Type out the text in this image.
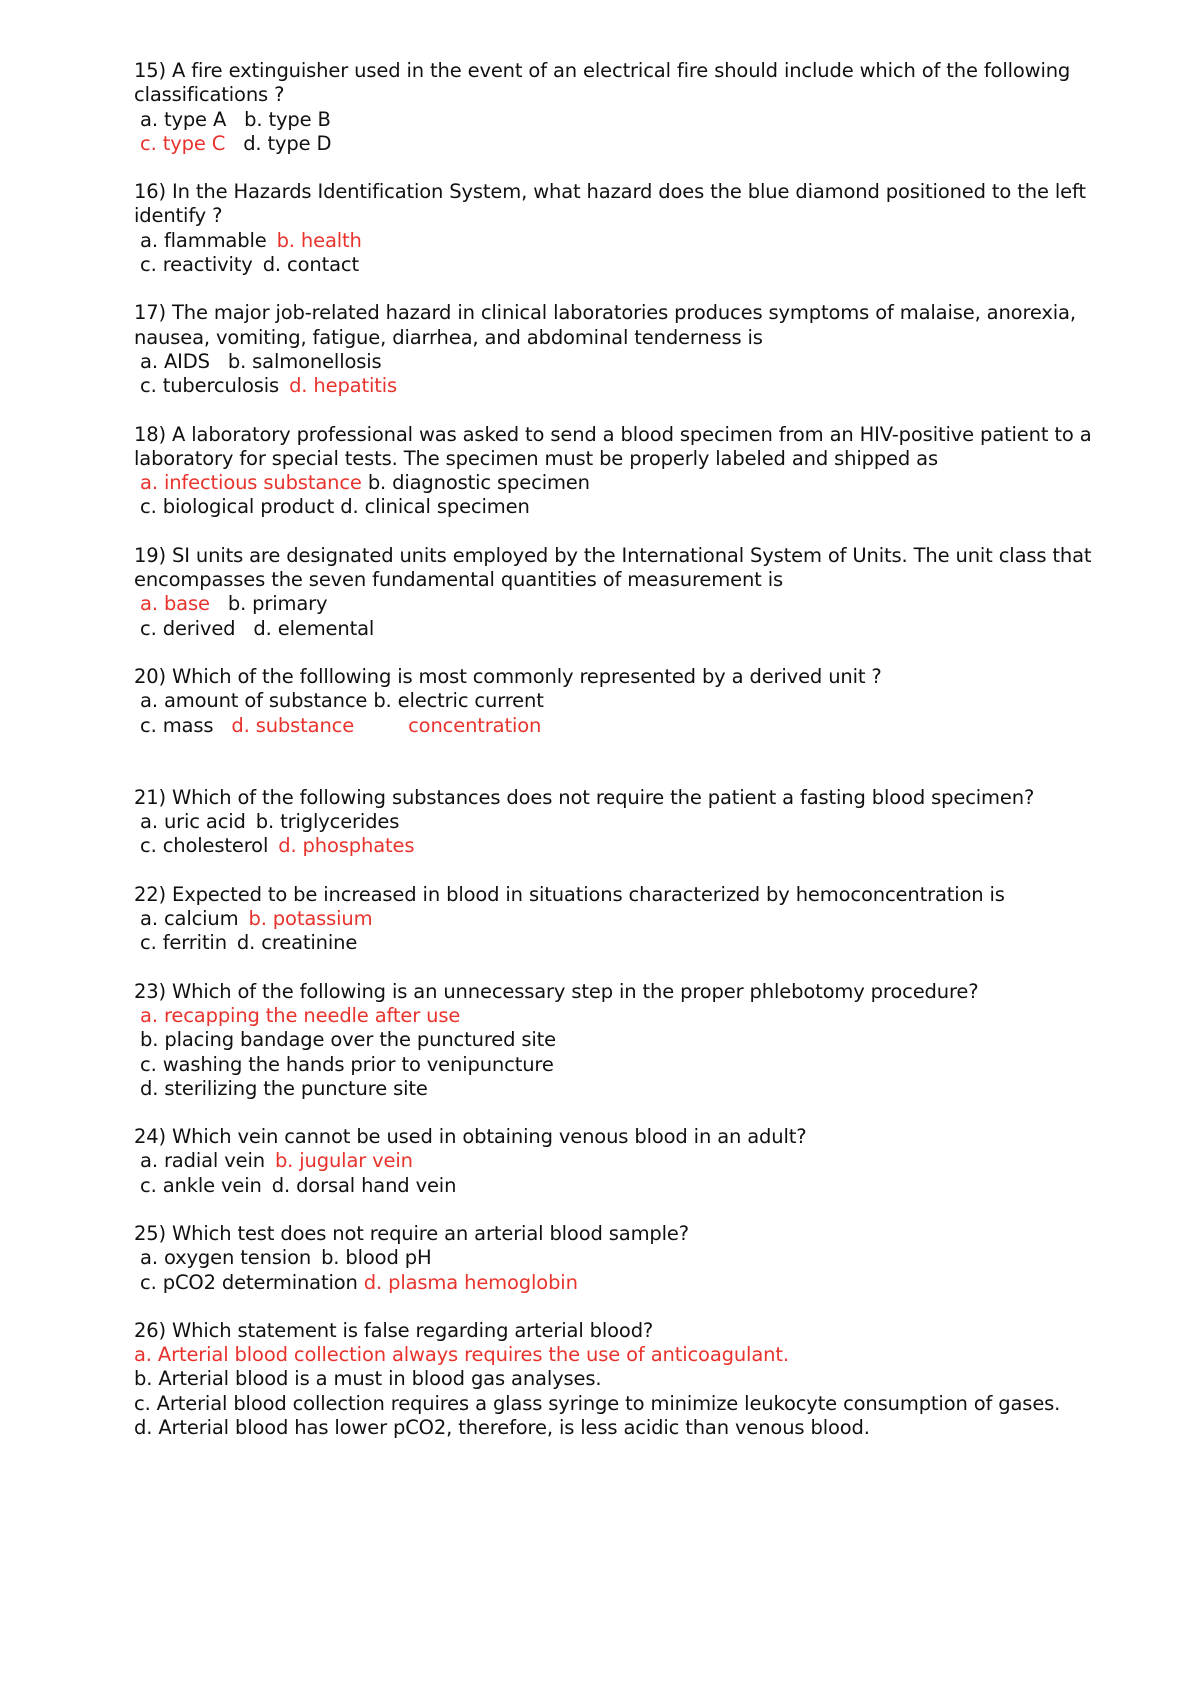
15) A fire extinguisher used in the event of an electrical fire should include which of the following classifications ?
a. type A b. type B
c. type C d. type D
16) In the Hazards Identification System, what hazard does the blue diamond positioned to the left identify ?
a. flammable b. health
c. reactivity d. contact
17) The major job-related hazard in clinical laboratories produces symptoms of malaise, anorexia, nausea, vomiting, fatigue, diarrhea, and abdominal tenderness is
a. AIDS b. salmonellosis
c. tuberculosis d. hepatitis
18) A laboratory professional was asked to send a blood specimen from an HIV-positive patient to a laboratory for special tests. The specimen must be properly labeled and shipped as
a. infectious substance b. diagnostic specimen
c. biological product d. clinical specimen
19) SI units are designated units employed by the International System of Units. The unit class that encompasses the seven fundamental quantities of measurement is
a. base b. primary
c. derived d. elemental
20) Which of the folllowing is most commonly represented by a derived unit ?
a. amount of substance b. electric current
c. mass d. substance	concentration
21) Which of the following substances does not require the patient a fasting blood specimen?
a. uric acid b. triglycerides
c. cholesterol d. phosphates
22) Expected to be increased in blood in situations characterized by hemoconcentration is
a. calcium b. potassium
c. ferritin d. creatinine
23) Which of the following is an unnecessary step in the proper phlebotomy procedure?
a. recapping the needle after use
b. placing bandage over the punctured site
c. washing the hands prior to venipuncture
d. sterilizing the puncture site
24) Which vein cannot be used in obtaining venous blood in an adult?
a. radial vein b. jugular vein
c. ankle vein d. dorsal hand vein
25) Which test does not require an arterial blood sample?
a. oxygen tension b. blood pH
c. pCO2 determination d. plasma hemoglobin
26) Which statement is false regarding arterial blood?
a. Arterial blood collection always requires the use of anticoagulant.
b. Arterial blood is a must in blood gas analyses.
c. Arterial blood collection requires a glass syringe to minimize leukocyte consumption of gases.
d. Arterial blood has lower pCO2, therefore, is less acidic than venous blood.
